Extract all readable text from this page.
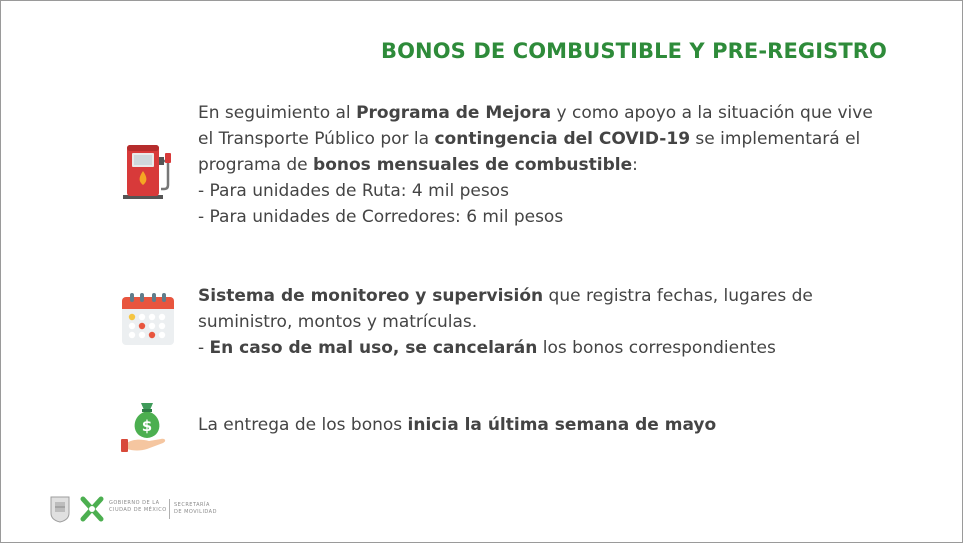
BONOS DE COMBUSTIBLE Y PRE-REGISTRO
En seguimiento al Programa de Mejora y como apoyo a la situación que vive
el Transporte Público por la contingencia del COVID-19 se implementará el
programa de bonos mensuales de combustible:
- Para unidades de Ruta: 4 mil pesos
- Para unidades de Corredores: 6 mil pesos
Sistema de monitoreo y supervisión que registra fechas, lugares de
suministro, montos y matrículas.
- En caso de mal uso, se cancelarán los bonos correspondientes
$	La entrega de los bonos inicia la última semana de mayo
GOBIERNO DE LA
CIUDAD DE MÉXICO
SECRETARÍA
DE MOVILIDAD
